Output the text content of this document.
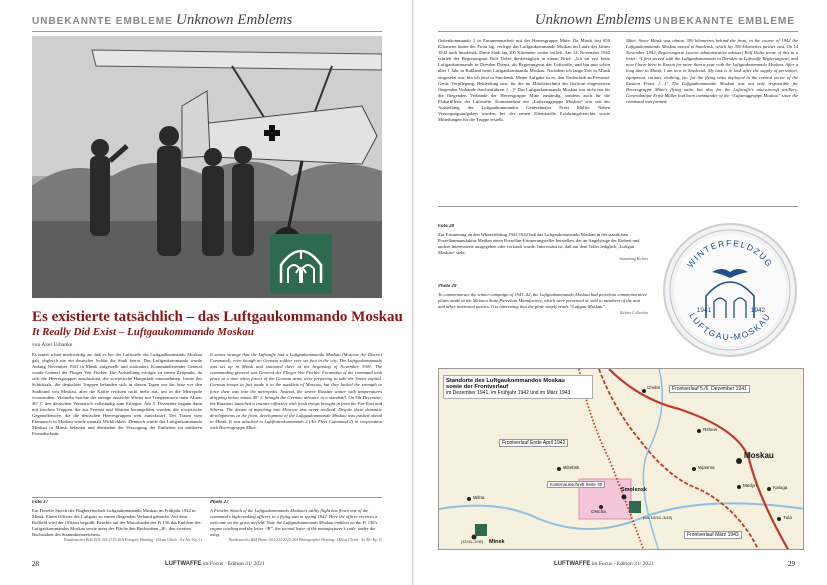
UNBEKANNTE EMBLEME Unknown Emblems
Es existierte tatsächlich – das Luftgaukommando Moskau
It Really Did Exist – Luftgaukommando Moskau
von Axel Urbanke
Es mutet schon merkwürdig an, daß es bei der Luftwaffe ein Luftgaukommando Moskau gab, obgleich nie ein deutscher Soldat die Stadt betrat. Das Luftgaukommando wurde Anfang November 1941 in Minsk aufgestellt und stationiert. Kommandierender General wurde General der Flieger Veit Fischer. Die Aufstellung erfolgte zu einem Zeitpunkt, da sich die Heeresgruppen anschickten, die sowjetische Hauptstadt einzunehmen. Ironie des Schicksals, die deutschen Truppen befanden sich in diesen Tagen nur bis kurz vor den Stadtrand von Moskau, aber die Kräfte reichten nicht mehr aus, um in die Metropole vorzustoßen. Vielmehr brachte der strenge russische Winter mit Temperaturen unter Minus 40° C den deutschen Vormarsch vollständig zum Erliegen. Am 5. Dezember begann dann mit frischen Truppen, die aus Fernost und Sibirien herangeführt wurden, die sowjetische Gegenoffensive, die die deutschen Heeresgruppen weit zurückwarf. Der Traum vom Einmarsch in Moskau wurde niemals Wirklichkeit. Dennoch wurde das Luftgaukommando Moskau in Minsk belassen und übernahm die Versorgung der Einheiten im mittleren Frontabschnitt.
It seems strange that the Luftwaffe had a Luftgaukommando Moskau (Moscow Air District Command), even though no German soldier ever set foot in the city. The Luftgaukommando was set up in Minsk and stationed there at the beginning of November 1941. The commanding general was General der Flieger Veit Fischer. Formation of the command took place at a time when forces of the German army were preparing to take the Soviet capital. German troops in fact made it to the outskirts of Moscow, but they lacked the strength to force their way into the metropolis. Instead, the severe Russian winter with temperatures dropping below minus 40° C brought the German advance to a standstill. On 5th December, the Russians launched a counter-offensive with fresh troops brought in from the Far East and Siberia. The dream of marching into Moscow was never realised. Despite these dramatic developments at the front, development of the Luftgaukommando Moskau was pushed ahead in Minsk. It was attached to Luftflottenkommando 2 (Air Fleet Command 2) in cooperation with Heeresgruppe Mitte.
Foto 27
Ein Fieseler Storch der Flugbereitschaft Luftgaukommando Moskau im Frühjahr 1942 in Minsk. Einen Offizier des Luftgaus zu einem fliegenden Verband gebracht. Auf dem Rollfeld wird der Offizier begrüßt. Beachte auf der Motorhaube des Fi 156 das Emblem des Luftgaukommandos Moskau sowie unter der Fläche den Buchstaben „B“, den zweiten Buchstaben des Stammkennzeichens.
Bundesarchiv Bild 101I-323-2725-26A Fotograf: Henning · (Klaus Ulrich · Ax Alt.-Kp. 1)
Photo 27
A Fieseler Storch of the Luftgaukommando Moskau’s utility flight has flown one of the command’s high-ranking officers to a flying unit in spring 1942. Here the officer receives a welcome on the grass airfield. Note the Luftgaukommando Moskau emblem on the Fi 156’s engine cowling and the letter “B”, the second letter of the manufacturer’s code, under the wing.
Bundesarchiv Bild Photo 101I-323-2725-26A Photographer Henning · (Klaus Ulrich · Ax Alt.-Kp. 1)
28	LUFTWAFFE im Focus · Edition 31/ 2021
Unknown Emblems UNBEKANNTE EMBLEME
flottenkommando 2 in Zusammenarbeit mit der Heeresgruppe Mitte. Da Minsk fast 650 Kilometer hinter der Front lag, verlegte das Luftgaukommando Moskau im Laufe des Jahres 1942 nach Smolensk. Diese Stadt lag 300 Kilometer weiter östlich. Am 14. November 1942 schrieb der Regierungsrat Rolf Dolze diesbezüglich in einem Brief: „Ich sat erst beim Luftgaukommando in Dresden Dienst, als Regierungsrat der Luftwaffe, und bin nun schon über 1 Jahr in Rußland beim Luftgaukommando Moskau. Nachdem ich lange Zeit in Minsk eingesetzt war, bin ich jetzt in Smolensk. Meine Aufgabe ist es, den Nachschub an Personal, Gerät, Verpflegung, Bekleidung usw. für die im Mittelabschnitt der Ostfront eingesetzten fliegenden Verbände durchzuführen. […]“ Das Luftgaukommando Moskau war nicht nur für die fliegenden Verbände der Heeresgruppe Mitte zuständig, sondern auch für die Flakartillerie der Luftwaffe. Kommandeur der „Luftzeuggruppe Moskau“ war seit der Aufstellung des Luftgaukommandos Generalmajor Ernst Müller. Neben Versorgungsaufgaben wurden bei der neuen Dienststelle Erfahrungsberichte sowie Mitteilungen für die Truppe erstellt.
Mitte. Since Minsk was almost 390 kilometres behind the front, in the course of 1942 the Luftgaukommando Moskau moved to Smolensk, which lay 300 kilometres further east. On 14 November 1942, Regierungsrat (senior administrative adviser) Rolf Dolze wrote of this in a letter: “I first served with the Luftgaukommando in Dresden as Luftwaffe Regierungsrat, and now I have been in Russia for more than a year with the Luftgaukommando Moskau. After a long time in Minsk, I am now in Smolensk. My task is to look after the supply of personnel, equipment, rations, clothing, etc. for the flying units deployed in the central sector of the Eastern Front. […]” The Luftgaukommando Moskau was not only responsible for Heeresgruppe Mitte’s flying units, but also for the Luftwaffe’s anti-aircraft artillery. Generalmajor Ernst Müller had been commander of the “Luftzeuggruppe Moskau” since the command was formed.
Foto 28
Zur Erinnerung an den Winterfeldzug 1941/1942 ließ das Luftgaukommando Moskau in der staatlichen Porzellanmanufaktur Meißen einen Porzellan-Erinnerungsteller herstellen, der an Angehörige der Einheit und andere Interessierte ausgegeben oder verkauft wurde. Interessant ist, daß auf dem Teller lediglich „Luftgau Moskau“ steht.
Sammlung Richter
Photo 28
To commemorate the winter campaign of 1941–42, the Luftgaukommando Moskau had porcelain commemorative plates made at the Meissen State Porcelain Manufactory, which were presented or sold to members of the unit and other interested parties. It is interesting that the plate simply reads “Luftgau-Moskau”.
Richter Collection
WINTERFELDZUG
LUFTGAU-MOSKAU
1941	1942
Standorte des Luftgaukommandos Moskau
sowie der Frontverlauf
im Dezember 1941, im Frühjahr 1942 und im März 1943
Frontverlauf 5./6. Dezember 1941
Frontverlauf Ende April 1942
Frontverlauf März 1943
Kartenausschnitt Seite 30
Moskau
Smolensk
Minsk
Witebsk
Wilna
Orscha
Cholm
Rshew
Medyn
Wjasma
Kaluga
Tula
(ca. 10/42–3/43)
(11/41–3/42)
29
LUFTWAFFE im Focus · Edition 31/ 2021
